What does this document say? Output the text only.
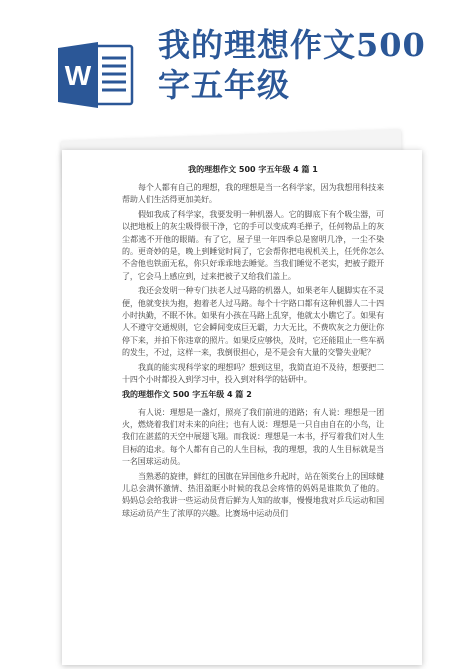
W
我的理想作文500字五年级
我的理想作文 500 字五年级 4 篇 1

每个人都有自己的理想，我的理想是当一名科学家，因为我想用科技来帮助人们生活得更加美好。

假如我成了科学家，我要发明一种机器人。它的脚底下有个吸尘器，可以把地板上的灰尘吸得很干净，它的手可以变成鸡毛掸子，任何物品上的灰尘都逃不开他的眼睛。有了它，屋子里一年四季总是窗明几净，一尘不染的。更奇妙的是，晚上到睡觉时间了，它会帮你把电视机关上，任凭你怎么不舍他也铁面无私，你只好乖乖地去睡觉。当我们睡觉不老实，把被子蹬开了，它会马上感应到，过来把被子又给我们盖上。

我还会发明一种专门扶老人过马路的机器人，如果老年人腿脚实在不灵便，他就变扶为抱，抱着老人过马路。每个十字路口都有这种机器人二十四小时执勤，不眠不休。如果有小孩在马路上乱穿，他就太小瞧它了。如果有人不遵守交通规则，它会瞬间变成巨无霸，力大无比，不费吹灰之力便让你停下来，并拍下你违章的照片。如果反应够快，及时，它还能阻止一些车祸的发生，不过，这样一来，我倒很担心，是不是会有大量的交警失业呢？

我真的能实现科学家的理想吗？想到这里，我简直迫不及待，想要把二十四个小时都投入到学习中，投入到对科学的钻研中。

我的理想作文 500 字五年级 4 篇 2

有人说：理想是一盏灯，照亮了我们前进的道路；有人说：理想是一团火，燃烧着我们对未来的向往；也有人说：理想是一只自由自在的小鸟，让我们在湛蓝的天空中展翅飞翔。而我说：理想是一本书，抒写着我们对人生目标的追求。每个人都有自己的人生目标，我的理想，我的人生目标就是当一名国球运动员。

当熟悉的旋律，鲜红的国旗在异国他乡升起时，站在领奖台上的国球健儿总会满怀激情、热泪盈眶小时候的我总会疼惜的妈妈是谁欺负了他的。 妈妈总会给我讲一些运动员背后鲜为人知的故事，慢慢地我对乒乓运动和国球运动员产生了浓厚的兴趣。比赛场中运动员们
